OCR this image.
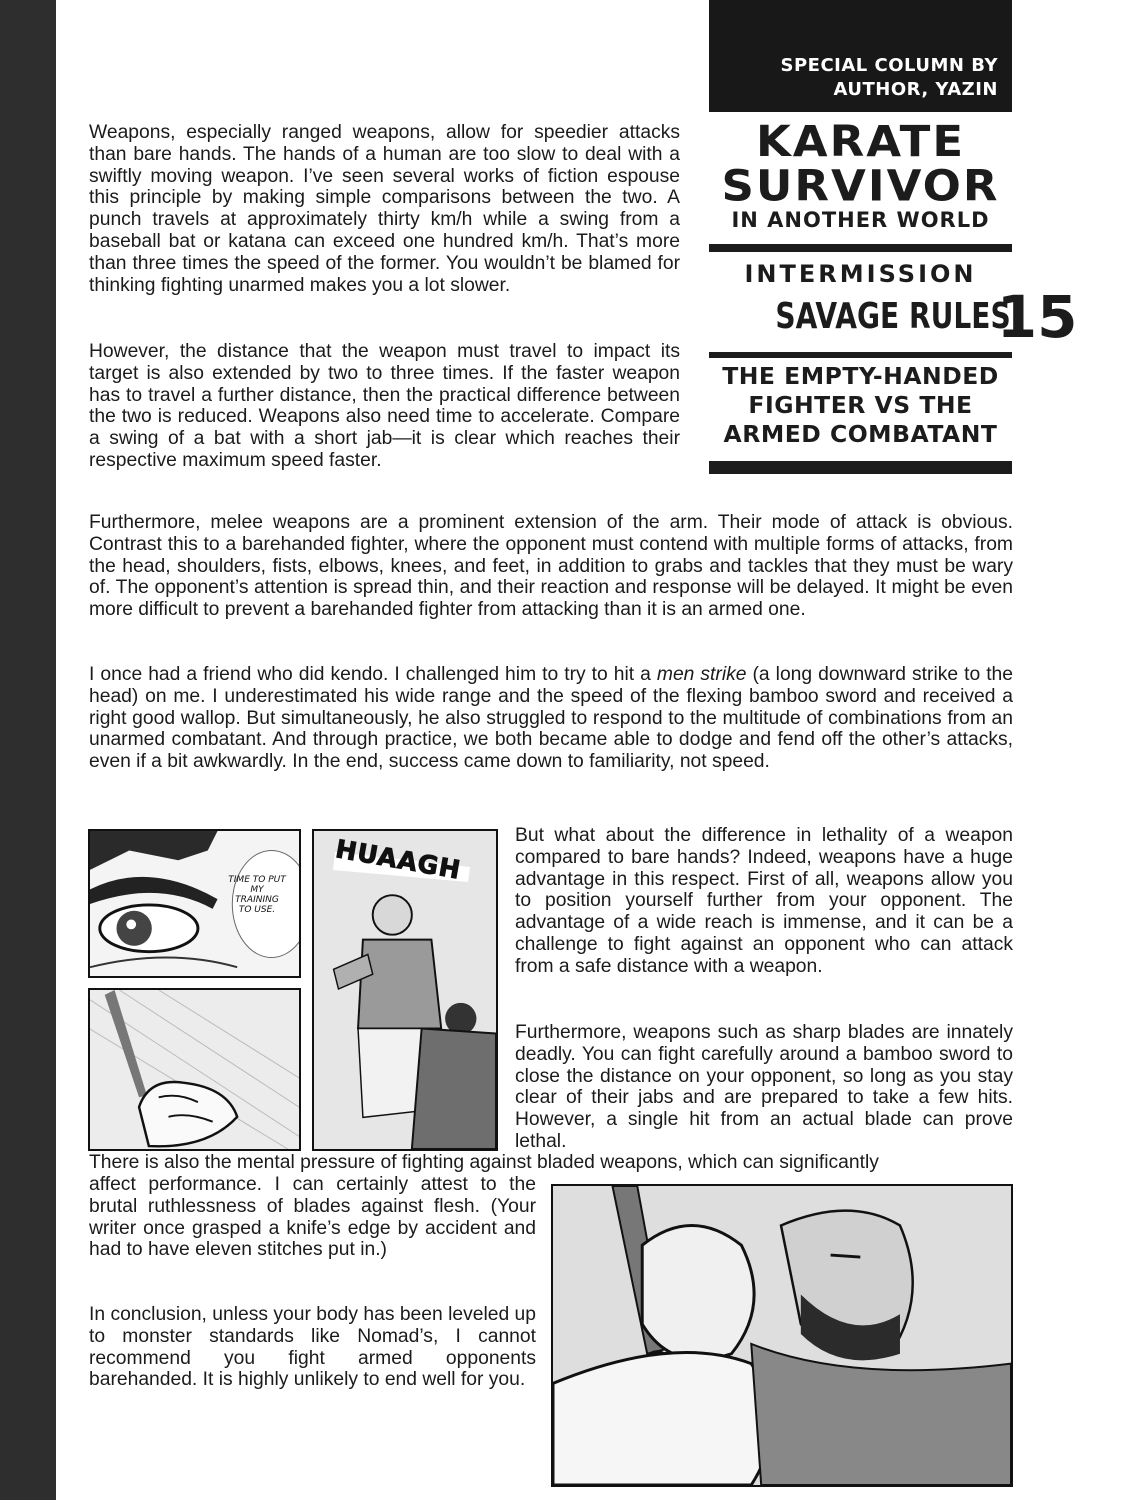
SPECIAL COLUMN BY
AUTHOR, YAZIN
KARATE
SURVIVOR
IN ANOTHER WORLD
INTERMISSION
SAVAGE RULES15
THE EMPTY-HANDED
FIGHTER VS THE
ARMED COMBATANT
Weapons, especially ranged weapons, allow for speedier attacks than bare hands. The hands of a human are too slow to deal with a swiftly moving weapon. I’ve seen several works of fiction espouse this principle by making simple comparisons between the two. A punch travels at approximately thirty km/h while a swing from a baseball bat or katana can exceed one hundred km/h. That’s more than three times the speed of the former. You wouldn’t be blamed for thinking fighting unarmed makes you a lot slower.
However, the distance that the weapon must travel to impact its target is also extended by two to three times. If the faster weapon has to travel a further distance, then the practical difference between the two is reduced. Weapons also need time to accelerate. Compare a swing of a bat with a short jab—it is clear which reaches their respective maximum speed faster.
Furthermore, melee weapons are a prominent extension of the arm. Their mode of attack is obvious. Contrast this to a barehanded fighter, where the opponent must contend with multiple forms of attacks, from the head, shoulders, fists, elbows, knees, and feet, in addition to grabs and tackles that they must be wary of. The opponent’s attention is spread thin, and their reaction and response will be delayed. It might be even more difficult to prevent a barehanded fighter from attacking than it is an armed one.
I once had a friend who did kendo. I challenged him to try to hit a men strike (a long downward strike to the head) on me. I underestimated his wide range and the speed of the flexing bamboo sword and received a right good wallop. But simultaneously, he also struggled to respond to the multitude of combinations from an unarmed combatant. And through practice, we both became able to dodge and fend off the other’s attacks, even if a bit awkwardly. In the end, success came down to familiarity, not speed.
But what about the difference in lethality of a weapon compared to bare hands? Indeed, weapons have a huge advantage in this respect. First of all, weapons allow you to position yourself further from your opponent. The advantage of a wide reach is immense, and it can be a challenge to fight against an opponent who can attack from a safe distance with a weapon.
Furthermore, weapons such as sharp blades are innately deadly. You can fight carefully around a bamboo sword to close the distance on your opponent, so long as you stay clear of their jabs and are prepared to take a few hits. However, a single hit from an actual blade can prove lethal.
There is also the mental pressure of fighting against bladed weapons, which can significantly
affect performance. I can certainly attest to the brutal ruthlessness of blades against flesh. (Your writer once grasped a knife’s edge by accident and had to have eleven stitches put in.)
In conclusion, unless your body has been leveled up to monster standards like Nomad’s, I cannot recommend you fight armed opponents barehanded. It is highly unlikely to end well for you.
TIME TO PUT MY TRAINING TO USE.
HUAAGH
